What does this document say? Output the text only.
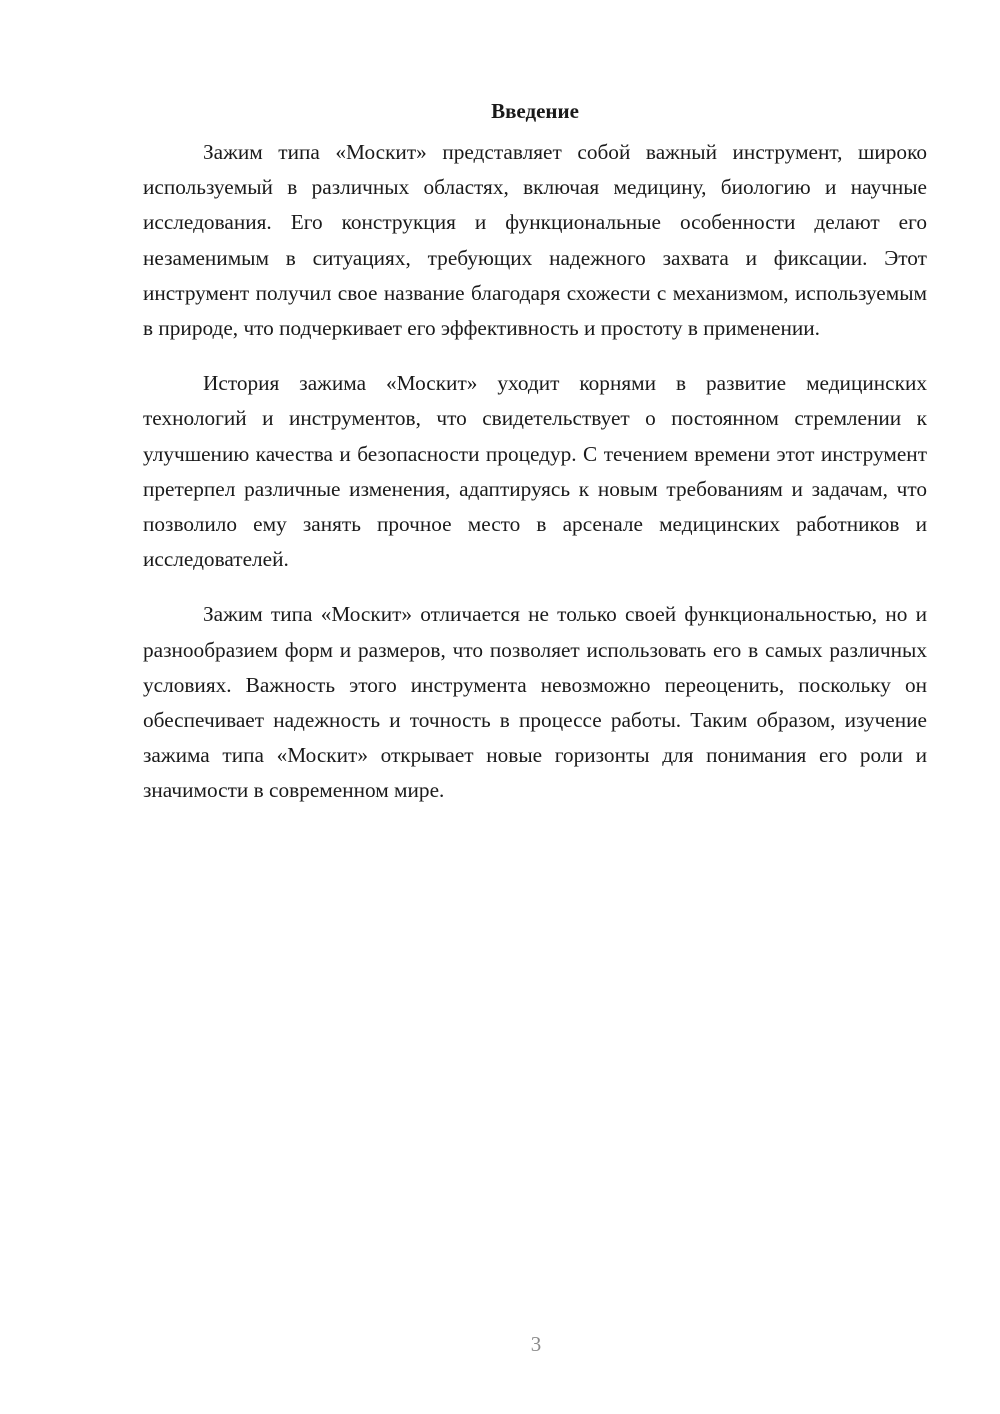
Введение

Зажим типа «Москит» представляет собой важный инструмент, широко используемый в различных областях, включая медицину, биологию и научные исследования. Его конструкция и функциональные особенности делают его незаменимым в ситуациях, требующих надежного захвата и фиксации. Этот инструмент получил свое название благодаря схожести с механизмом, используемым в природе, что подчеркивает его эффективность и простоту в применении.

История зажима «Москит» уходит корнями в развитие медицинских технологий и инструментов, что свидетельствует о постоянном стремлении к улучшению качества и безопасности процедур. С течением времени этот инструмент претерпел различные изменения, адаптируясь к новым требованиям и задачам, что позволило ему занять прочное место в арсенале медицинских работников и исследователей.

Зажим типа «Москит» отличается не только своей функциональностью, но и разнообразием форм и размеров, что позволяет использовать его в самых различных условиях. Важность этого инструмента невозможно переоценить, поскольку он обеспечивает надежность и точность в процессе работы. Таким образом, изучение зажима типа «Москит» открывает новые горизонты для понимания его роли и значимости в современном мире.

3
